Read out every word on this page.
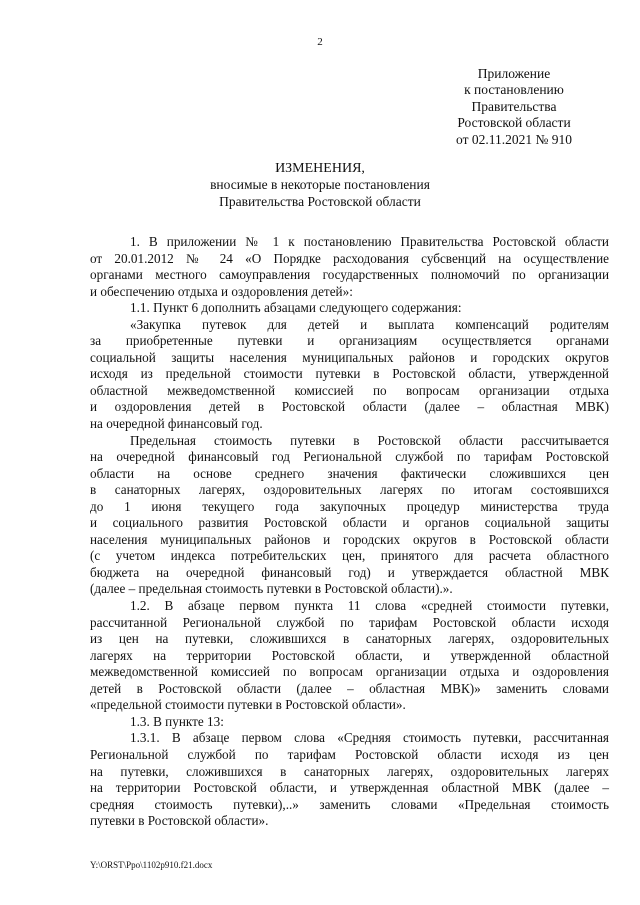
2
Приложение
к постановлению
Правительства
Ростовской области
от 02.11.2021 № 910
ИЗМЕНЕНИЯ,
вносимые в некоторые постановления
Правительства Ростовской области

1. В приложении № 1 к постановлению Правительства Ростовской области
от 20.01.2012 № 24 «О Порядке расходования субсвенций на осуществление
органами местного самоуправления государственных полномочий по организации
и обеспечению отдыха и оздоровления детей»:

1.1. Пункт 6 дополнить абзацами следующего содержания:

«Закупка путевок для детей и выплата компенсаций родителям
за приобретенные путевки и организациям осуществляется органами
социальной защиты населения муниципальных районов и городских округов
исходя из предельной стоимости путевки в Ростовской области, утвержденной
областной межведомственной комиссией по вопросам организации отдыха
и оздоровления детей в Ростовской области (далее – областная МВК)
на очередной финансовый год.

Предельная стоимость путевки в Ростовской области рассчитывается
на очередной финансовый год Региональной службой по тарифам Ростовской
области на основе среднего значения фактически сложившихся цен
в санаторных лагерях, оздоровительных лагерях по итогам состоявшихся
до 1 июня текущего года закупочных процедур министерства труда
и социального развития Ростовской области и органов социальной защиты
населения муниципальных районов и городских округов в Ростовской области
(с учетом индекса потребительских цен, принятого для расчета областного
бюджета на очередной финансовый год) и утверждается областной МВК
(далее – предельная стоимость путевки в Ростовской области).».

1.2. В абзаце первом пункта 11 слова «средней стоимости путевки,
рассчитанной Региональной службой по тарифам Ростовской области исходя
из цен на путевки, сложившихся в санаторных лагерях, оздоровительных
лагерях на территории Ростовской области, и утвержденной областной
межведомственной комиссией по вопросам организации отдыха и оздоровления
детей в Ростовской области (далее – областная МВК)» заменить словами
«предельной стоимости путевки в Ростовской области».

1.3. В пункте 13:

1.3.1. В абзаце первом слова «Средняя стоимость путевки, рассчитанная
Региональной службой по тарифам Ростовской области исходя из цен
на путевки, сложившихся в санаторных лагерях, оздоровительных лагерях
на территории Ростовской области, и утвержденная областной МВК (далее –
средняя стоимость путевки),..» заменить словами «Предельная стоимость
путевки в Ростовской области».

Y:\ORST\Ppo\1102p910.f21.docx
